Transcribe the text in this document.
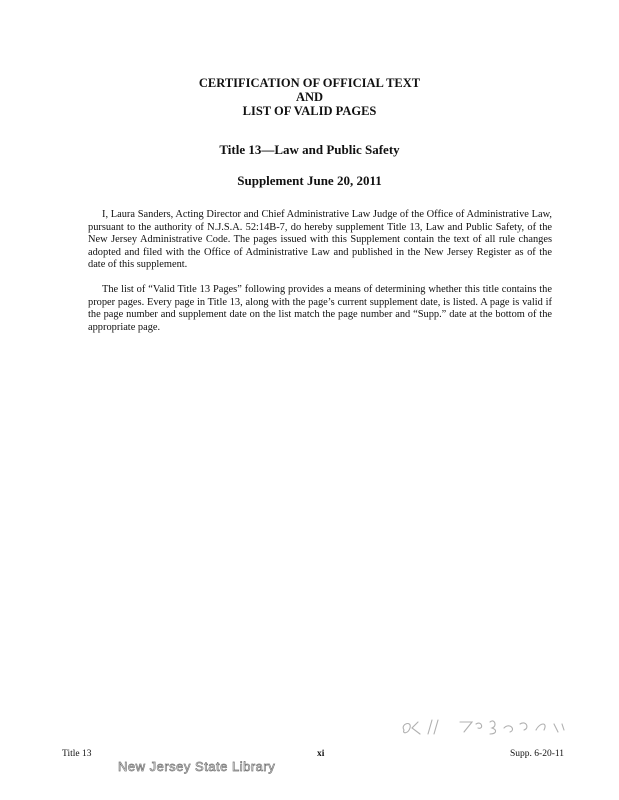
CERTIFICATION OF OFFICIAL TEXT
AND
LIST OF VALID PAGES
Title 13—Law and Public Safety
Supplement June 20, 2011

I, Laura Sanders, Acting Director and Chief Administrative Law Judge of the Office of Administrative Law, pursuant to the authority of N.J.S.A. 52:14B-7, do hereby supplement Title 13, Law and Public Safety, of the New Jersey Administrative Code. The pages issued with this Supplement contain the text of all rule changes adopted and filed with the Office of Administrative Law and published in the New Jersey Register as of the date of this supplement.

The list of “Valid Title 13 Pages” following provides a means of determining whether this title contains the proper pages. Every page in Title 13, along with the page’s current supplement date, is listed. A page is valid if the page number and supplement date on the list match the page number and “Supp.” date at the bottom of the appropriate page.

Title 13	xi	Supp. 6-20-11
New Jersey State Library
